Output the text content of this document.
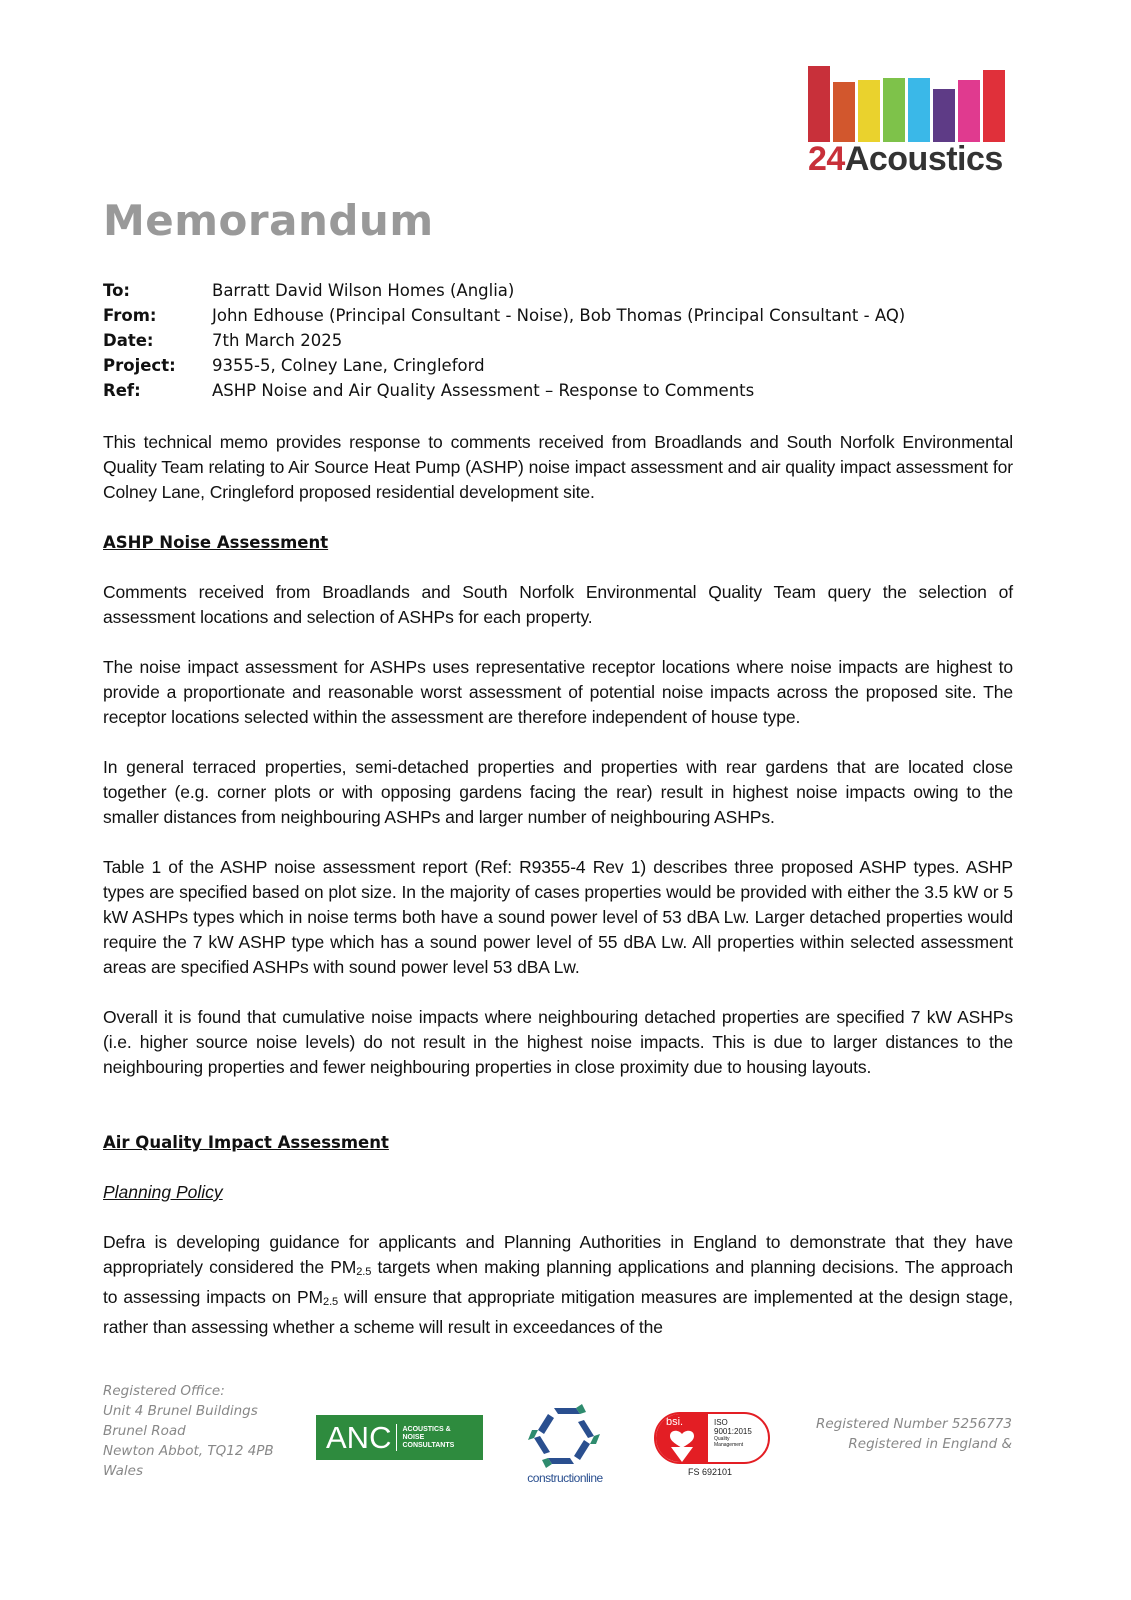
24Acoustics
Memorandum
To:	Barratt David Wilson Homes (Anglia)
From:	John Edhouse (Principal Consultant - Noise), Bob Thomas (Principal Consultant - AQ)
Date:	7th March 2025
Project:	9355-5, Colney Lane, Cringleford
Ref:	ASHP Noise and Air Quality Assessment – Response to Comments

This technical memo provides response to comments received from Broadlands and South Norfolk Environmental Quality Team relating to Air Source Heat Pump (ASHP) noise impact assessment and air quality impact assessment for Colney Lane, Cringleford proposed residential development site.

ASHP Noise Assessment

Comments received from Broadlands and South Norfolk Environmental Quality Team query the selection of assessment locations and selection of ASHPs for each property.

The noise impact assessment for ASHPs uses representative receptor locations where noise impacts are highest to provide a proportionate and reasonable worst assessment of potential noise impacts across the proposed site. The receptor locations selected within the assessment are therefore independent of house type.

In general terraced properties, semi-detached properties and properties with rear gardens that are located close together (e.g. corner plots or with opposing gardens facing the rear) result in highest noise impacts owing to the smaller distances from neighbouring ASHPs and larger number of neighbouring ASHPs.

Table 1 of the ASHP noise assessment report (Ref: R9355-4 Rev 1) describes three proposed ASHP types. ASHP types are specified based on plot size. In the majority of cases properties would be provided with either the 3.5 kW or 5 kW ASHPs types which in noise terms both have a sound power level of 53 dBA Lw. Larger detached properties would require the 7 kW ASHP type which has a sound power level of 55 dBA Lw. All properties within selected assessment areas are specified ASHPs with sound power level 53 dBA Lw.

Overall it is found that cumulative noise impacts where neighbouring detached properties are specified 7 kW ASHPs (i.e. higher source noise levels) do not result in the highest noise impacts. This is due to larger distances to the neighbouring properties and fewer neighbouring properties in close proximity due to housing layouts.

Air Quality Impact Assessment
Planning Policy

Defra is developing guidance for applicants and Planning Authorities in England to demonstrate that they have appropriately considered the $PM_{2.5}$ targets when making planning applications and planning decisions. The approach to assessing impacts on $PM_{2.5}$ will ensure that appropriate mitigation measures are implemented at the design stage, rather than assessing whether a scheme will result in exceedances of the

Registered Office:
Unit 4 Brunel Buildings
Brunel Road
Newton Abbot, TQ12 4PB
Wales
ANC ACOUSTICS &
NOISE
CONSULTANTS
constructionline
bsi.	ISO
9001:2015
Quality
Management
FS 692101
Registered Number 5256773
Registered in England &
